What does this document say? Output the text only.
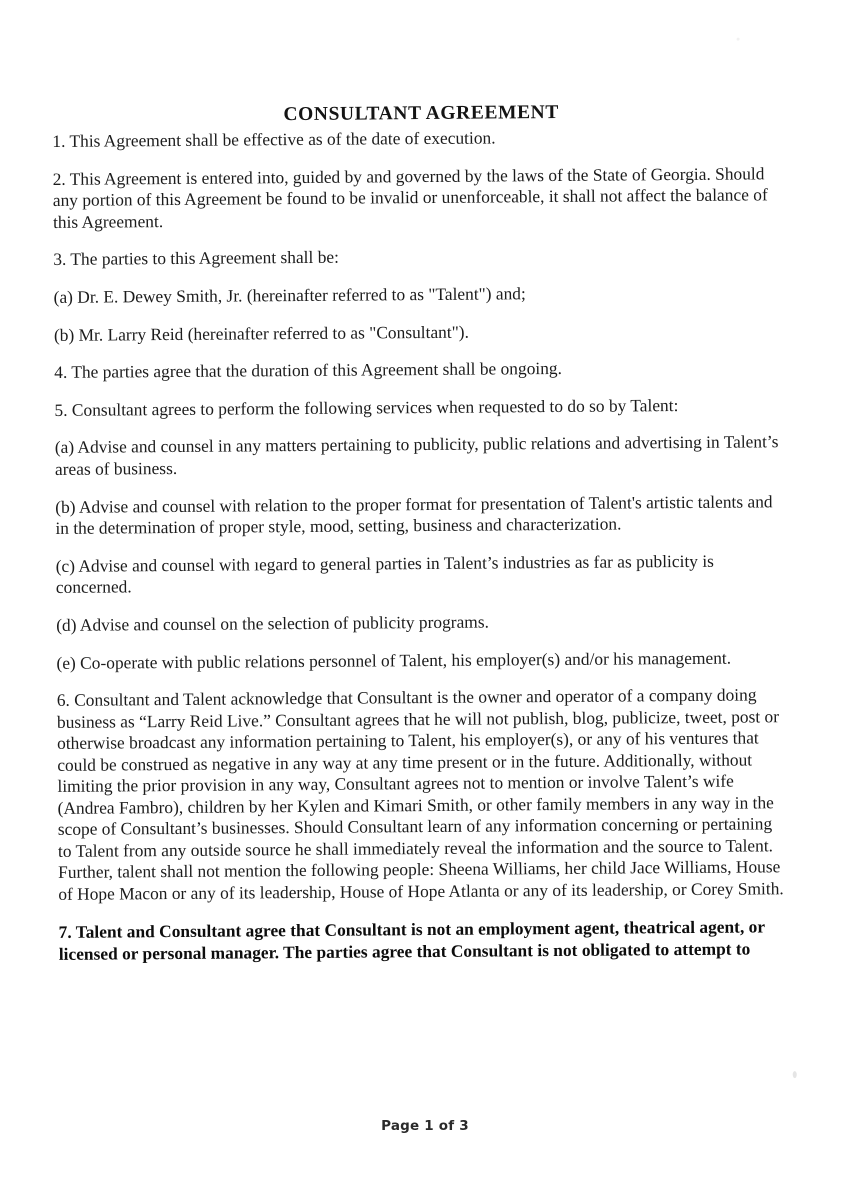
CONSULTANT AGREEMENT

1. This Agreement shall be effective as of the date of execution.

2. This Agreement is entered into, guided by and governed by the laws of the State of Georgia. Should any portion of this Agreement be found to be invalid or unenforceable, it shall not affect the balance of this Agreement.

3. The parties to this Agreement shall be:

(a) Dr. E. Dewey Smith, Jr. (hereinafter referred to as "Talent") and;

(b) Mr. Larry Reid (hereinafter referred to as "Consultant").

4. The parties agree that the duration of this Agreement shall be ongoing.

5. Consultant agrees to perform the following services when requested to do so by Talent:

(a) Advise and counsel in any matters pertaining to publicity, public relations and advertising in Talent’s areas of business.

(b) Advise and counsel with relation to the proper format for presentation of Talent's artistic talents and in the determination of proper style, mood, setting, business and characterization.

(c) Advise and counsel with ıegard to general parties in Talent’s industries as far as publicity is concerned.

(d) Advise and counsel on the selection of publicity programs.

(e) Co-operate with public relations personnel of Talent, his employer(s) and/or his management.

6. Consultant and Talent acknowledge that Consultant is the owner and operator of a company doing business as “Larry Reid Live.” Consultant agrees that he will not publish, blog, publicize, tweet, post or otherwise broadcast any information pertaining to Talent, his employer(s), or any of his ventures that could be construed as negative in any way at any time present or in the future. Additionally, without limiting the prior provision in any way, Consultant agrees not to mention or involve Talent’s wife (Andrea Fambro), children by her Kylen and Kimari Smith, or other family members in any way in the scope of Consultant’s businesses. Should Consultant learn of any information concerning or pertaining to Talent from any outside source he shall immediately reveal the information and the source to Talent. Further, talent shall not mention the following people: Sheena Williams, her child Jace Williams, House of Hope Macon or any of its leadership, House of Hope Atlanta or any of its leadership, or Corey Smith.

7. Talent and Consultant agree that Consultant is not an employment agent, theatrical agent, or licensed or personal manager. The parties agree that Consultant is not obligated to attempt to

Page 1 of 3
